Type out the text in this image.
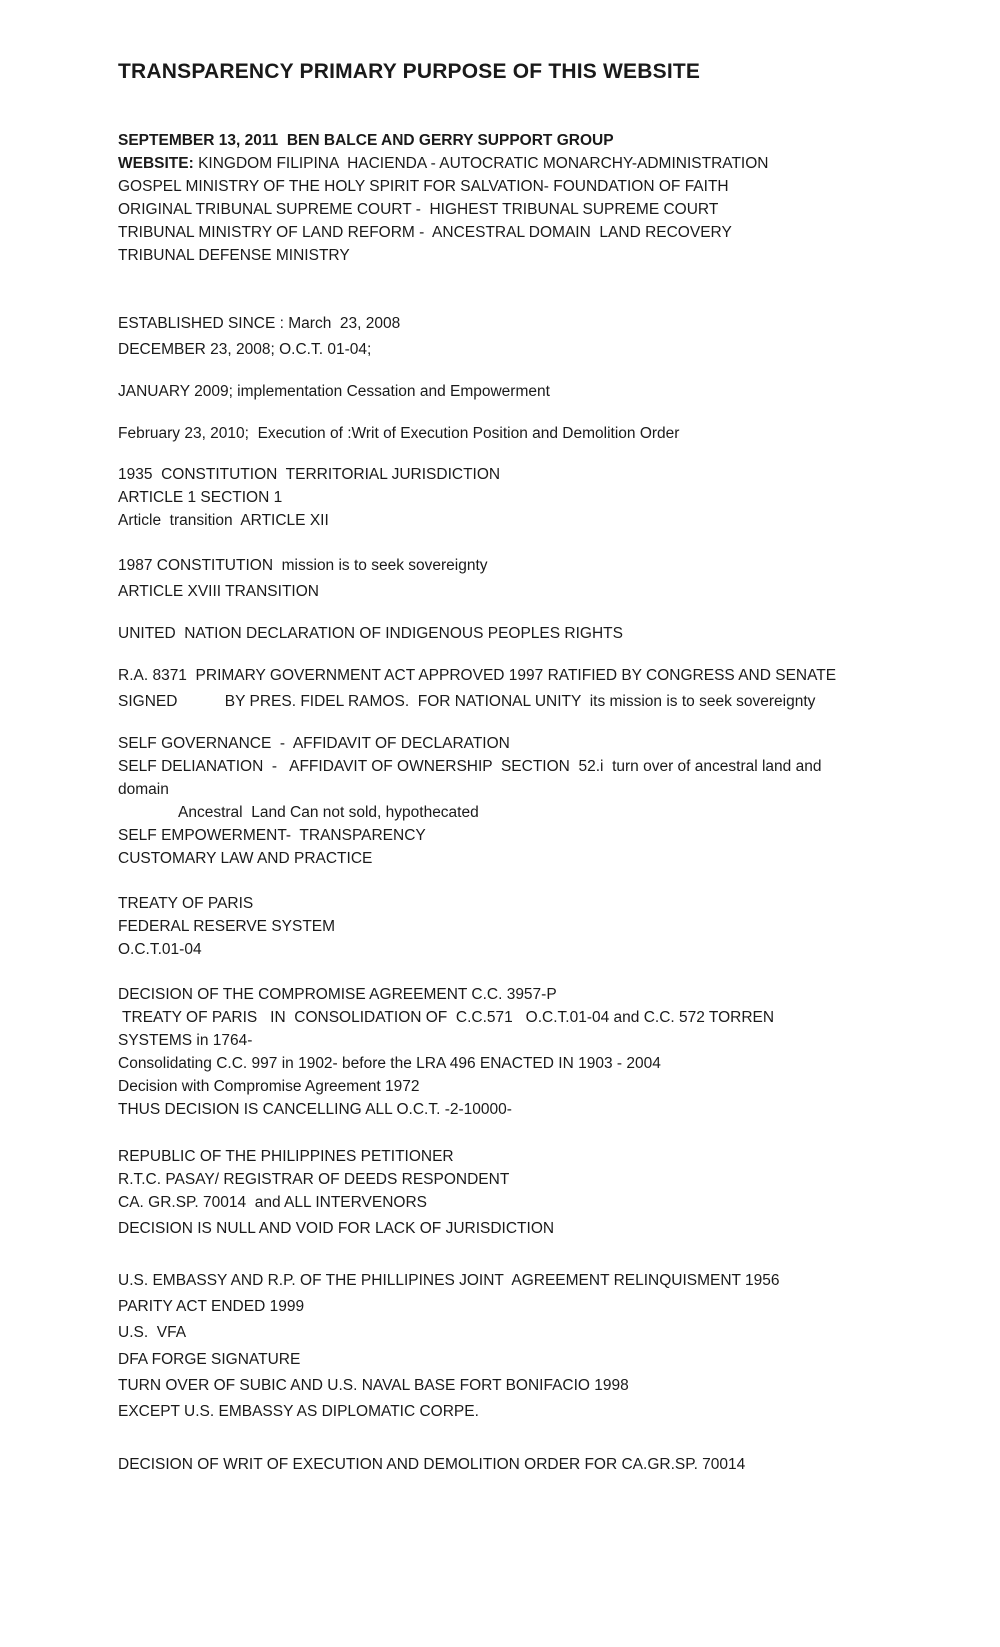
TRANSPARENCY PRIMARY PURPOSE OF THIS WEBSITE
SEPTEMBER 13, 2011  BEN BALCE AND GERRY SUPPORT GROUP
WEBSITE: KINGDOM FILIPINA  HACIENDA - AUTOCRATIC MONARCHY-ADMINISTRATION
GOSPEL MINISTRY OF THE HOLY SPIRIT FOR SALVATION- FOUNDATION OF FAITH
ORIGINAL TRIBUNAL SUPREME COURT -  HIGHEST TRIBUNAL SUPREME COURT
TRIBUNAL MINISTRY OF LAND REFORM -  ANCESTRAL DOMAIN  LAND RECOVERY
TRIBUNAL DEFENSE MINISTRY
ESTABLISHED SINCE : March  23, 2008
DECEMBER 23, 2008; O.C.T. 01-04;
JANUARY 2009; implementation Cessation and Empowerment
February 23, 2010;  Execution of :Writ of Execution Position and Demolition Order
1935  CONSTITUTION  TERRITORIAL JURISDICTION
ARTICLE 1 SECTION 1
Article  transition  ARTICLE XII
1987 CONSTITUTION  mission is to seek sovereignty
ARTICLE XVIII TRANSITION
UNITED  NATION DECLARATION OF INDIGENOUS PEOPLES RIGHTS
R.A. 8371  PRIMARY GOVERNMENT ACT APPROVED 1997 RATIFIED BY CONGRESS AND SENATE
SIGNED           BY PRES. FIDEL RAMOS.  FOR NATIONAL UNITY  its mission is to seek sovereignty
SELF GOVERNANCE  -  AFFIDAVIT OF DECLARATION
SELF DELIANATION  -   AFFIDAVIT OF OWNERSHIP  SECTION  52.i  turn over of ancestral land and
domain
Ancestral  Land Can not sold, hypothecated
SELF EMPOWERMENT-  TRANSPARENCY
CUSTOMARY LAW AND PRACTICE
TREATY OF PARIS
FEDERAL RESERVE SYSTEM
O.C.T.01-04
DECISION OF THE COMPROMISE AGREEMENT C.C. 3957-P
TREATY OF PARIS   IN  CONSOLIDATION OF  C.C.571   O.C.T.01-04 and C.C. 572 TORREN
SYSTEMS in 1764-
Consolidating C.C. 997 in 1902- before the LRA 496 ENACTED IN 1903 - 2004
Decision with Compromise Agreement 1972
THUS DECISION IS CANCELLING ALL O.C.T. -2-10000-
REPUBLIC OF THE PHILIPPINES PETITIONER
R.T.C. PASAY/ REGISTRAR OF DEEDS RESPONDENT
CA. GR.SP. 70014  and ALL INTERVENORS
DECISION IS NULL AND VOID FOR LACK OF JURISDICTION
U.S. EMBASSY AND R.P. OF THE PHILLIPINES JOINT  AGREEMENT RELINQUISMENT 1956
PARITY ACT ENDED 1999
U.S.  VFA
DFA FORGE SIGNATURE
TURN OVER OF SUBIC AND U.S. NAVAL BASE FORT BONIFACIO 1998
EXCEPT U.S. EMBASSY AS DIPLOMATIC CORPE.
DECISION OF WRIT OF EXECUTION AND DEMOLITION ORDER FOR CA.GR.SP. 70014
